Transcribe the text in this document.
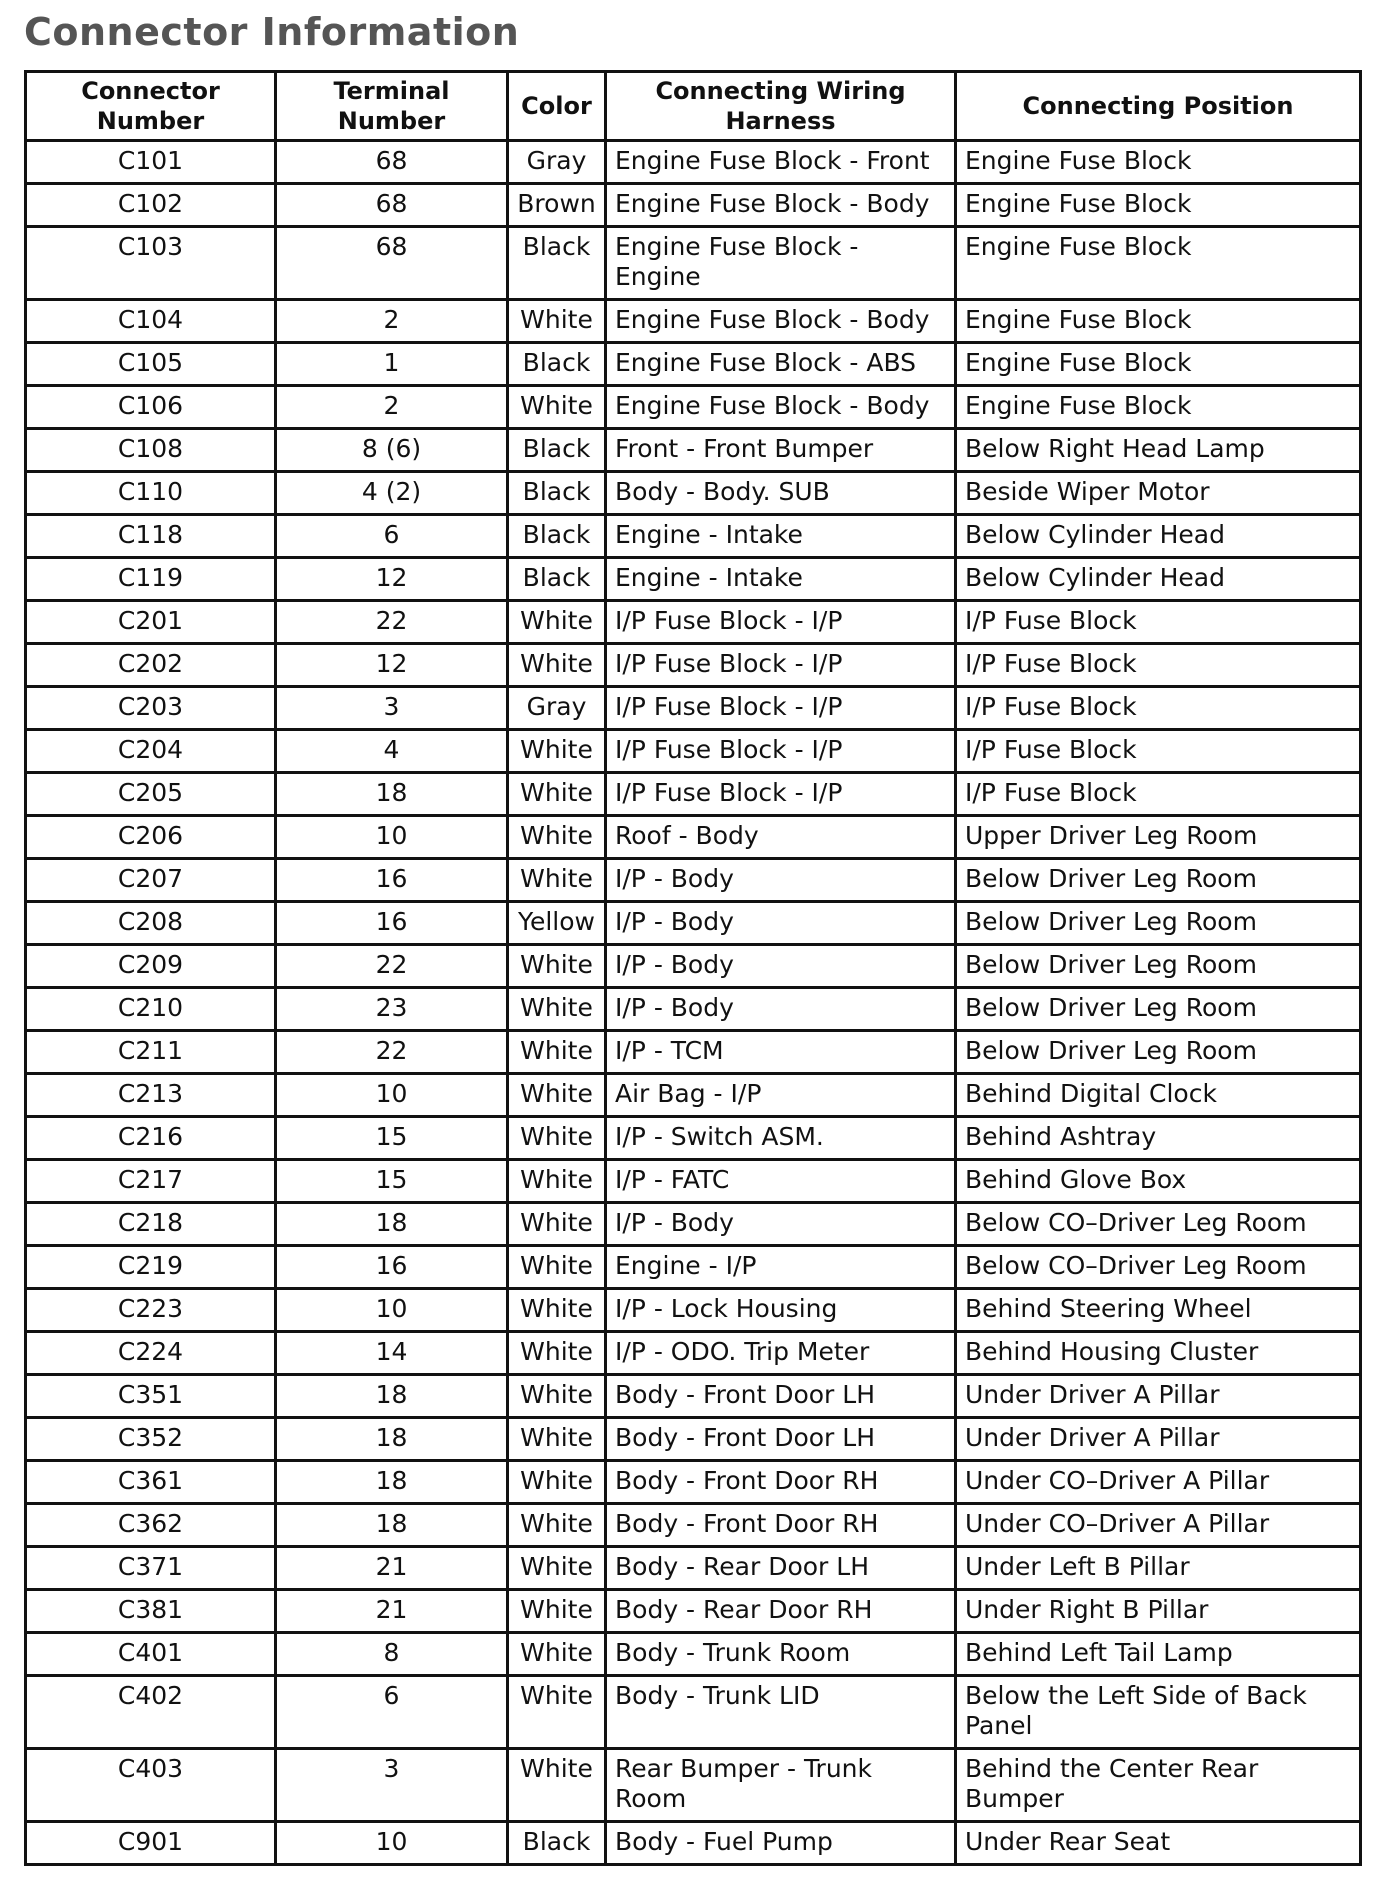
Connector Information
Connector Number	Terminal Number	Color	Connecting Wiring Harness	Connecting Position
C101	68	Gray	Engine Fuse Block - Front	Engine Fuse Block
C102	68	Brown	Engine Fuse Block - Body	Engine Fuse Block
C103	68	Black	Engine Fuse Block - Engine	Engine Fuse Block
C104	2	White	Engine Fuse Block - Body	Engine Fuse Block
C105	1	Black	Engine Fuse Block - ABS	Engine Fuse Block
C106	2	White	Engine Fuse Block - Body	Engine Fuse Block
C108	8 (6)	Black	Front - Front Bumper	Below Right Head Lamp
C110	4 (2)	Black	Body - Body. SUB	Beside Wiper Motor
C118	6	Black	Engine - Intake	Below Cylinder Head
C119	12	Black	Engine - Intake	Below Cylinder Head
C201	22	White	I/P Fuse Block - I/P	I/P Fuse Block
C202	12	White	I/P Fuse Block - I/P	I/P Fuse Block
C203	3	Gray	I/P Fuse Block - I/P	I/P Fuse Block
C204	4	White	I/P Fuse Block - I/P	I/P Fuse Block
C205	18	White	I/P Fuse Block - I/P	I/P Fuse Block
C206	10	White	Roof - Body	Upper Driver Leg Room
C207	16	White	I/P - Body	Below Driver Leg Room
C208	16	Yellow	I/P - Body	Below Driver Leg Room
C209	22	White	I/P - Body	Below Driver Leg Room
C210	23	White	I/P - Body	Below Driver Leg Room
C211	22	White	I/P - TCM	Below Driver Leg Room
C213	10	White	Air Bag - I/P	Behind Digital Clock
C216	15	White	I/P - Switch ASM.	Behind Ashtray
C217	15	White	I/P - FATC	Behind Glove Box
C218	18	White	I/P - Body	Below CO–Driver Leg Room
C219	16	White	Engine - I/P	Below CO–Driver Leg Room
C223	10	White	I/P - Lock Housing	Behind Steering Wheel
C224	14	White	I/P - ODO. Trip Meter	Behind Housing Cluster
C351	18	White	Body - Front Door LH	Under Driver A Pillar
C352	18	White	Body - Front Door LH	Under Driver A Pillar
C361	18	White	Body - Front Door RH	Under CO–Driver A Pillar
C362	18	White	Body - Front Door RH	Under CO–Driver A Pillar
C371	21	White	Body - Rear Door LH	Under Left B Pillar
C381	21	White	Body - Rear Door RH	Under Right B Pillar
C401	8	White	Body - Trunk Room	Behind Left Tail Lamp
C402	6	White	Body - Trunk LID	Below the Left Side of Back Panel
C403	3	White	Rear Bumper - Trunk Room	Behind the Center Rear Bumper
C901	10	Black	Body - Fuel Pump	Under Rear Seat
